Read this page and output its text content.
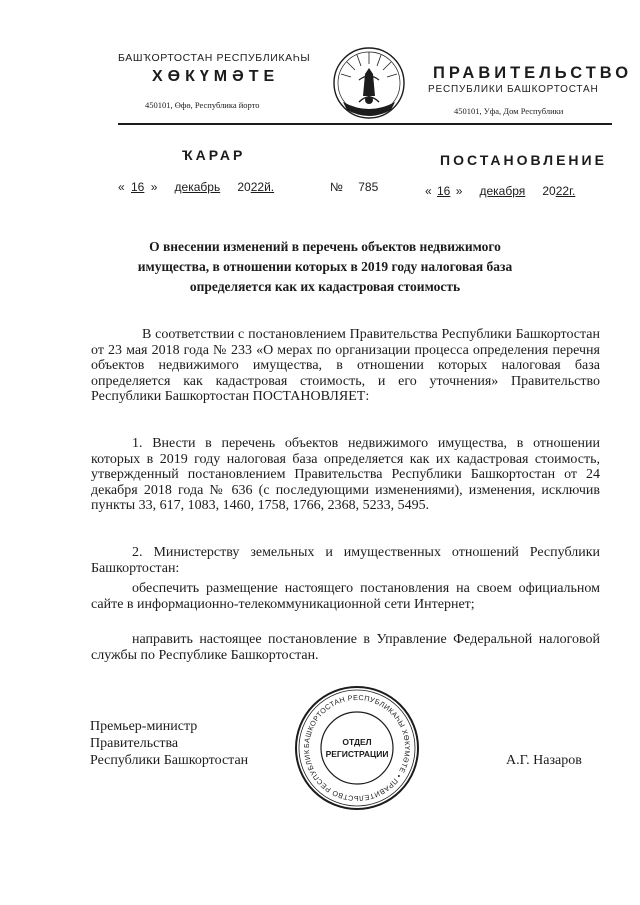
БАШҠОРТОСТАН РЕСПУБЛИКАҺЫ
ХӨКҮМӘТЕ
450101, Өфө, Республика йорто
ПРАВИТЕЛЬСТВО
РЕСПУБЛИКИ БАШКОРТОСТАН
450101, Уфа, Дом Республики
ҠАРАР	ПОСТАНОВЛЕНИЕ
« 16 » декабрь 2022й.	№ 785	« 16 » декабря 2022г.
О внесении изменений в перечень объектов недвижимого
имущества, в отношении которых в 2019 году налоговая база
определяется как их кадастровая стоимость
В соответствии с постановлением Правительства Республики Башкортостан от 23 мая 2018 года № 233 «О мерах по организации процесса определения перечня объектов недвижимого имущества, в отношении которых налоговая база определяется как кадастровая стоимость, и его уточнения» Правительство Республики Башкортостан ПОСТАНОВЛЯЕТ:
1. Внести в перечень объектов недвижимого имущества, в отношении которых в 2019 году налоговая база определяется как их кадастровая стоимость, утвержденный постановлением Правительства Республики Башкортостан от 24 декабря 2018 года № 636 (с последующими изменениями), изменения, исключив пункты 33, 617, 1083, 1460, 1758, 1766, 2368, 5233, 5495.
2. Министерству земельных и имущественных отношений Республики Башкортостан:
обеспечить размещение настоящего постановления на своем официальном сайте в информационно-телекоммуникационной сети Интернет;
направить настоящее постановление в Управление Федеральной налоговой службы по Республике Башкортостан.
Премьер-министр
Правительства
Республики Башкортостан
БАШКОРТОСТАН РЕСПУБЛИКАҺЫ ХӨКҮМӘТЕ • ПРАВИТЕЛЬСТВО РЕСПУБЛИК
ОТДЕЛ
РЕГИСТРАЦИИ	А.Г. Назаров
